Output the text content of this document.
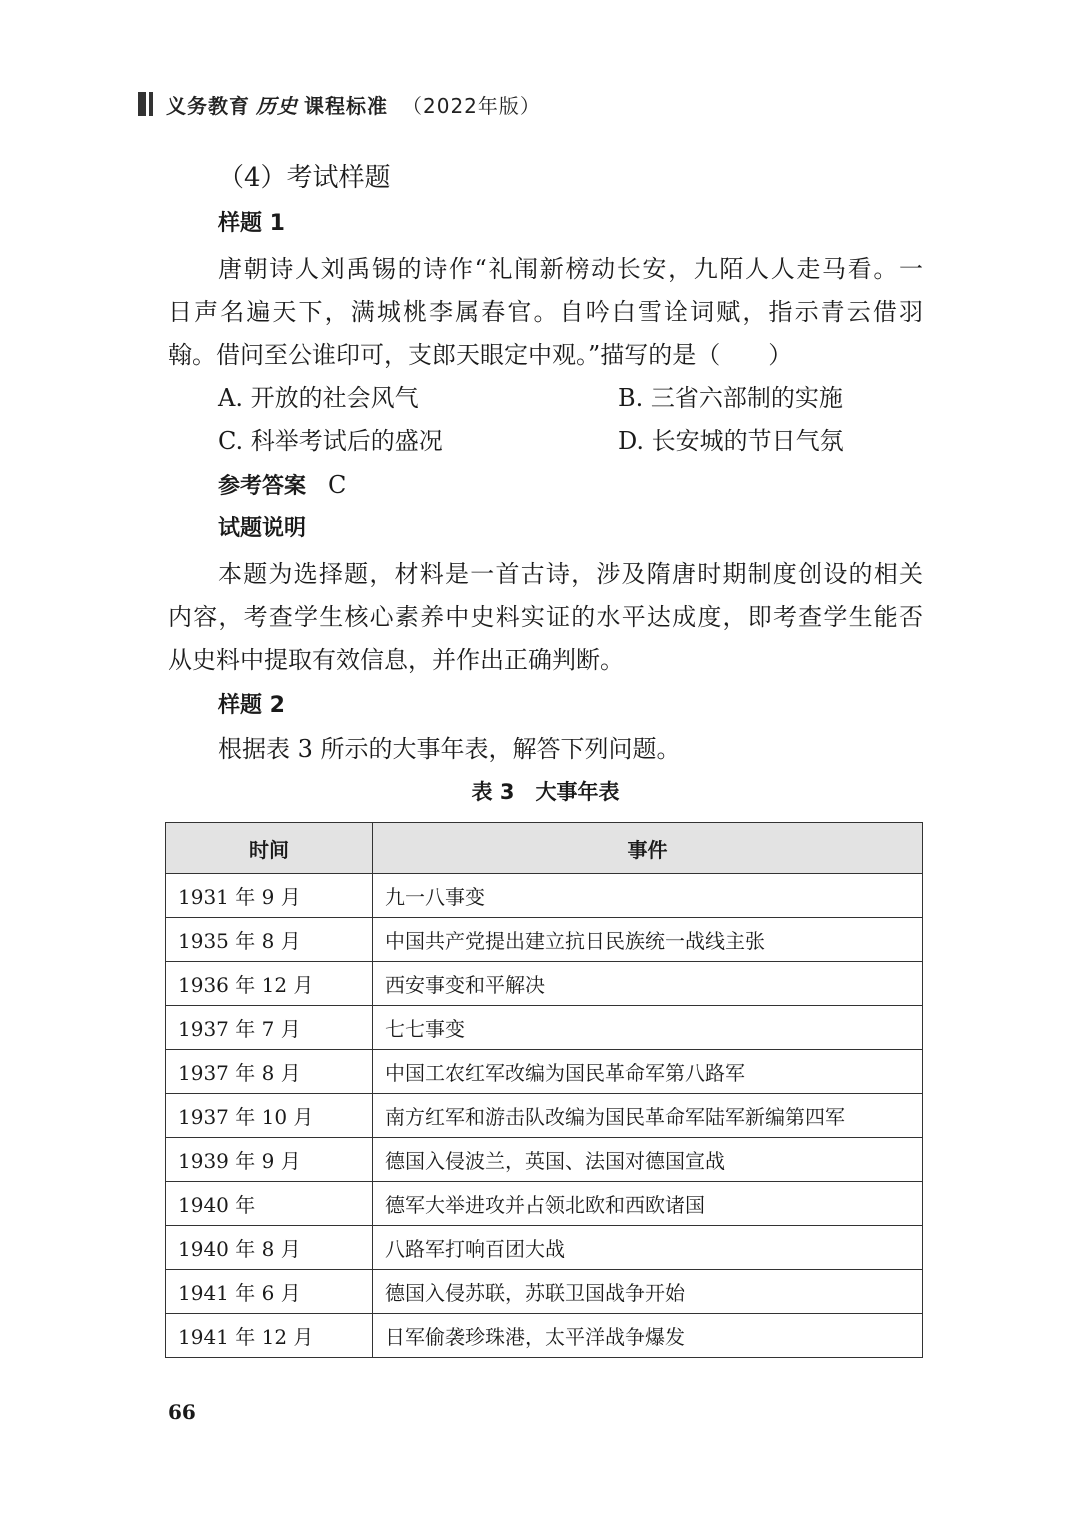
义务教育 历史 课程标准 （2022年版）
（4）考试样题
样题 1
唐朝诗人刘禹锡的诗作“礼闱新榜动长安，九陌人人走马看。一
日声名遍天下，满城桃李属春官。自吟白雪诠词赋，指示青云借羽
翰。借问至公谁印可，支郎天眼定中观。”描写的是（　　）
A. 开放的社会风气	B. 三省六部制的实施
C. 科举考试后的盛况	D. 长安城的节日气氛
参考答案 C
试题说明
本题为选择题，材料是一首古诗，涉及隋唐时期制度创设的相关
内容，考查学生核心素养中史料实证的水平达成度，即考查学生能否
从史料中提取有效信息，并作出正确判断。
样题 2
根据表 3 所示的大事年表，解答下列问题。
表 3　大事年表
时间	事件
1931 年 9 月	九一八事变
1935 年 8 月	中国共产党提出建立抗日民族统一战线主张
1936 年 12 月	西安事变和平解决
1937 年 7 月	七七事变
1937 年 8 月	中国工农红军改编为国民革命军第八路军
1937 年 10 月	南方红军和游击队改编为国民革命军陆军新编第四军
1939 年 9 月	德国入侵波兰，英国、法国对德国宣战
1940 年	德军大举进攻并占领北欧和西欧诸国
1940 年 8 月	八路军打响百团大战
1941 年 6 月	德国入侵苏联，苏联卫国战争开始
1941 年 12 月	日军偷袭珍珠港，太平洋战争爆发
66
